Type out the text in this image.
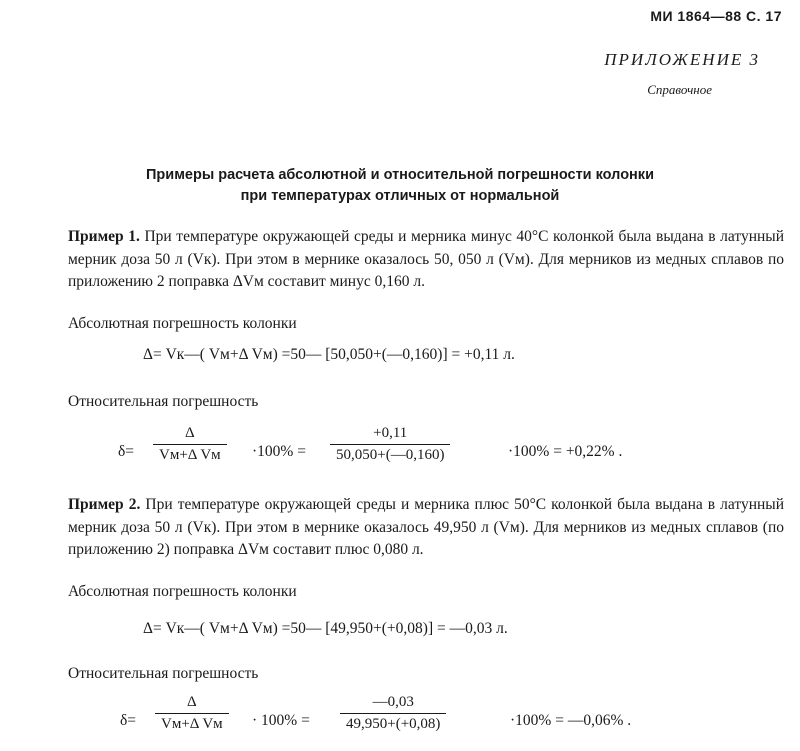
МИ 1864—88 С. 17
ПРИЛОЖЕНИЕ 3
Справочное
Примеры расчета абсолютной и относительной погрешности колонки
при температурах отличных от нормальной
Пример 1. При температуре окружающей среды и мерника минус 40°С колонкой была выдана в латунный мерник доза 50 л (Vк). При этом в мернике оказалось 50, 050 л (Vм). Для мерников из медных сплавов по приложению 2 поправка ΔVм составит минус 0,160 л.
Абсолютная погрешность колонки
Δ= Vк—( Vм+Δ Vм) =50— [50,050+(—0,160)] = +0,11 л.
Относительная погрешность
δ=
Δ
Vм+Δ Vм	$\cdot 100\% = \frac{+0,11}{50,050+(—0,160)}$	·100% = +0,22% .
Пример 2. При температуре окружающей среды и мерника плюс 50°С колонкой была выдана в латунный мерник доза 50 л (Vк). При этом в мернике оказалось 49,950 л (Vм). Для мерников из медных сплавов (по приложению 2) поправка ΔVм составит плюс 0,080 л.
Абсолютная погрешность колонки
Δ= Vк—( Vм+Δ Vм) =50— [49,950+(+0,08)] = —0,03 л.
Относительная погрешность
δ=
Δ
Vм+Δ Vм	· $100\% = \frac{—0,03}{49,950+(+0,08)}$	·100% = —0,06% .
